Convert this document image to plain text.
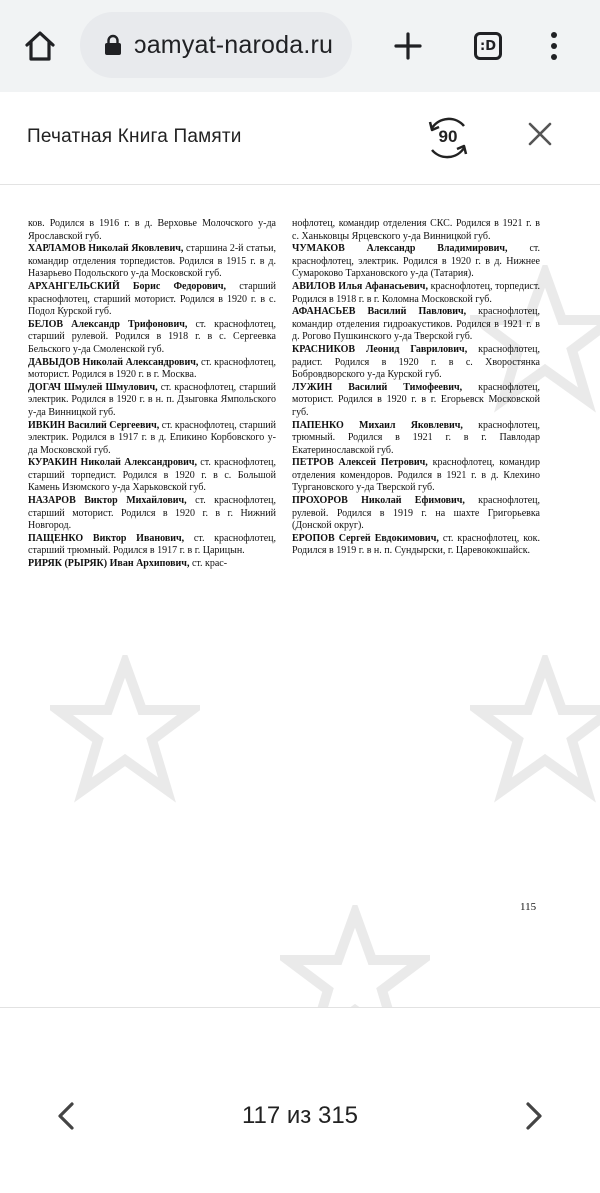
ɔamyat-naroda.ru	:D
Печатная Книга Памяти	90

ков. Родился в 1916 г. в д. Верховье Молочского у-да Ярославской губ.

ХАРЛАМОВ Николай Яковлевич, старшина 2-й статьи, командир отделения торпедистов. Родился в 1915 г. в д. Назарьево Подольского у-да Московской губ.

АРХАНГЕЛЬСКИЙ Борис Федорович, старший краснофлотец, старший моторист. Родился в 1920 г. в с. Подол Курской губ.

БЕЛОВ Александр Трифонович, ст. краснофлотец, старший рулевой. Родился в 1918 г. в с. Сергеевка Бельского у-да Смоленской губ.

ДАВЫДОВ Николай Александрович, ст. краснофлотец, моторист. Родился в 1920 г. в г. Москва.

ДОГАЧ Шмулей Шмулович, ст. краснофлотец, старший электрик. Родился в 1920 г. в н. п. Дзыговка Ямпольского у-да Винницкой губ.

ИВКИН Василий Сергеевич, ст. краснофлотец, старший электрик. Родился в 1917 г. в д. Епикино Корбовского у-да Московской губ.

КУРАКИН Николай Александрович, ст. краснофлотец, старший торпедист. Родился в 1920 г. в с. Большой Камень Изюмского у-да Харьковской губ.

НАЗАРОВ Виктор Михайлович, ст. краснофлотец, старший моторист. Родился в 1920 г. в г. Нижний Новгород.

ПАЩЕНКО Виктор Иванович, ст. краснофлотец, старший трюмный. Родился в 1917 г. в г. Царицын.

РИРЯК (РЫРЯК) Иван Архипович, ст. крас-

нофлотец, командир отделения СКС. Родился в 1921 г. в с. Ханьковцы Ярцевского у-да Винницкой губ.

ЧУМАКОВ Александр Владимирович, ст. краснофлотец, электрик. Родился в 1920 г. в д. Нижнее Сумароково Тархановского у-да (Татария).

АВИЛОВ Илья Афанасьевич, краснофлотец, торпедист. Родился в 1918 г. в г. Коломна Московской губ.

АФАНАСЬЕВ Василий Павлович, краснофлотец, командир отделения гидроакустиков. Родился в 1921 г. в д. Рогово Пушкинского у-да Тверской губ.

КРАСНИКОВ Леонид Гаврилович, краснофлотец, радист. Родился в 1920 г. в с. Хворостянка Бобровдворского у-да Курской губ.

ЛУЖИН Василий Тимофеевич, краснофлотец, моторист. Родился в 1920 г. в г. Егорьевск Московской губ.

ПАПЕНКО Михаил Яковлевич, краснофлотец, трюмный. Родился в 1921 г. в г. Павлодар Екатеринославской губ.

ПЕТРОВ Алексей Петрович, краснофлотец, командир отделения комендоров. Родился в 1921 г. в д. Клехино Тургановского у-да Тверской губ.

ПРОХОРОВ Николай Ефимович, краснофлотец, рулевой. Родился в 1919 г. на шахте Григорьевка (Донской округ).

ЕРОПОВ Сергей Евдокимович, ст. краснофлотец, кок. Родился в 1919 г. в н. п. Сундырски, г. Царевококшайск.

115
117 из 315
